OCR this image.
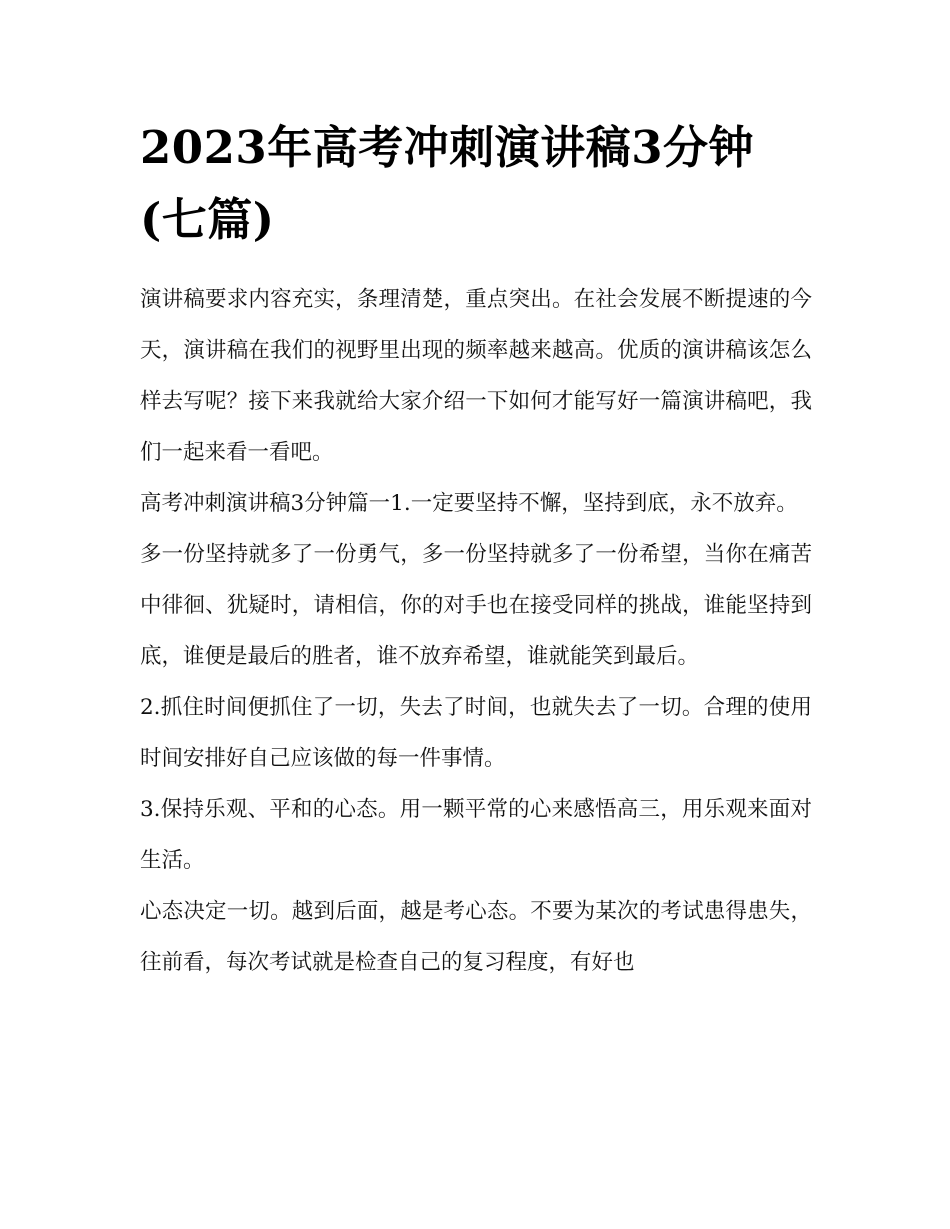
2023年高考冲刺演讲稿3分钟(七篇)

演讲稿要求内容充实，条理清楚，重点突出。在社会发展不断提速的今天，演讲稿在我们的视野里出现的频率越来越高。优质的演讲稿该怎么样去写呢？接下来我就给大家介绍一下如何才能写好一篇演讲稿吧，我们一起来看一看吧。

高考冲刺演讲稿3分钟篇一1.一定要坚持不懈，坚持到底，永不放弃。

多一份坚持就多了一份勇气，多一份坚持就多了一份希望，当你在痛苦中徘徊、犹疑时，请相信，你的对手也在接受同样的挑战，谁能坚持到底，谁便是最后的胜者，谁不放弃希望，谁就能笑到最后。

2.抓住时间便抓住了一切，失去了时间，也就失去了一切。合理的使用时间安排好自己应该做的每一件事情。

3.保持乐观、平和的心态。用一颗平常的心来感悟高三，用乐观来面对生活。

心态决定一切。越到后面，越是考心态。不要为某次的考试患得患失，往前看，每次考试就是检查自己的复习程度，有好也
